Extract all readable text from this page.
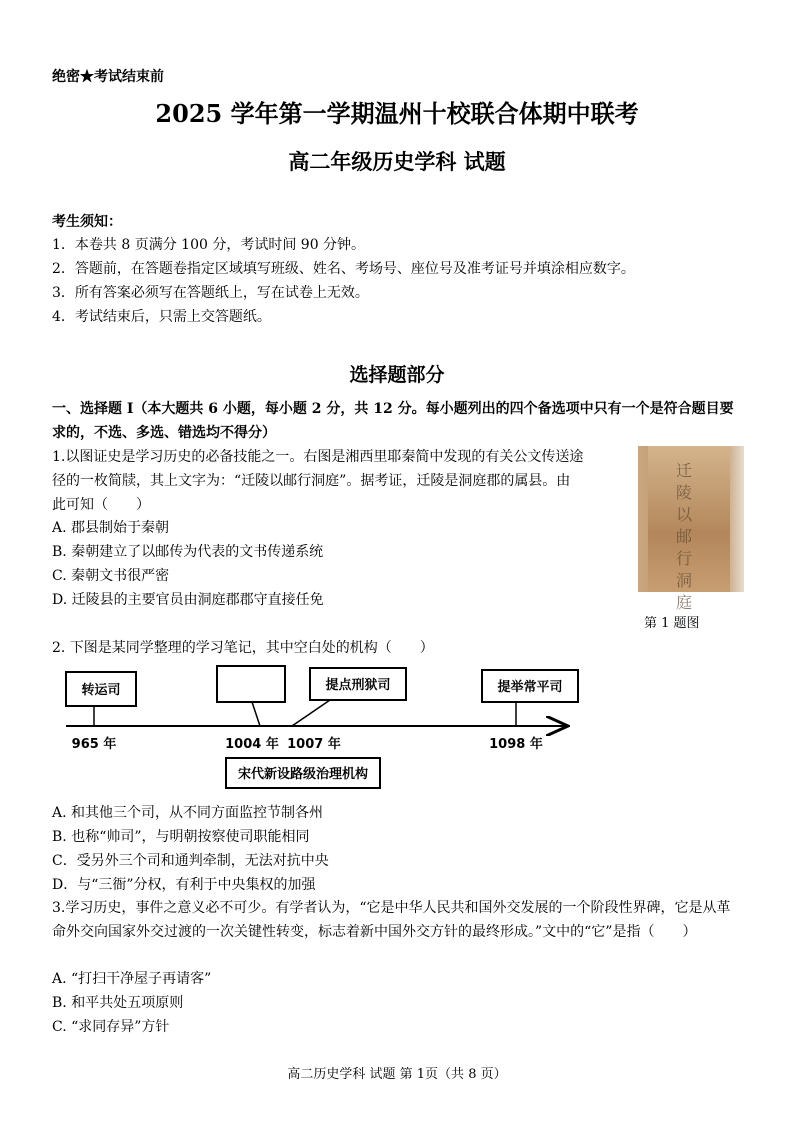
绝密★考试结束前
2025 学年第一学期温州十校联合体期中联考
高二年级历史学科 试题
考生须知：
1．本卷共 8 页满分 100 分，考试时间 90 分钟。
2．答题前，在答题卷指定区域填写班级、姓名、考场号、座位号及准考证号并填涂相应数字。
3．所有答案必须写在答题纸上，写在试卷上无效。
4．考试结束后，只需上交答题纸。
选择题部分
一、选择题 I（本大题共 6 小题，每小题 2 分，共 12 分。每小题列出的四个备选项中只有一个是符合题目要求的，不选、多选、错选均不得分）
1.以图证史是学习历史的必备技能之一。右图是湘西里耶秦简中发现的有关公文传送途径的一枚简牍，其上文字为：“迁陵以邮行洞庭”。据考证，迁陵是洞庭郡的属县。由此可知（　　）
A. 郡县制始于秦朝
B. 秦朝建立了以邮传为代表的文书传递系统
C. 秦朝文书很严密
D. 迁陵县的主要官员由洞庭郡郡守直接任免
迁陵以邮行洞庭
第 1 题图
2. 下图是某同学整理的学习笔记，其中空白处的机构（　　）
转运司	提点刑狱司	提举常平司
965 年	1004 年 1007 年	1098 年
宋代新设路级治理机构
A. 和其他三个司，从不同方面监控节制各州
B. 也称“帅司”，与明朝按察使司职能相同
C．受另外三个司和通判牵制，无法对抗中央
D．与“三衙”分权，有利于中央集权的加强
3.学习历史，事件之意义必不可少。有学者认为，“它是中华人民共和国外交发展的一个阶段性界碑，它是从革命外交向国家外交过渡的一次关键性转变，标志着新中国外交方针的最终形成。”文中的“它”是指（　　）
A. “打扫干净屋子再请客”
B. 和平共处五项原则
C. “求同存异”方针
高二历史学科 试题 第 1页（共 8 页）
